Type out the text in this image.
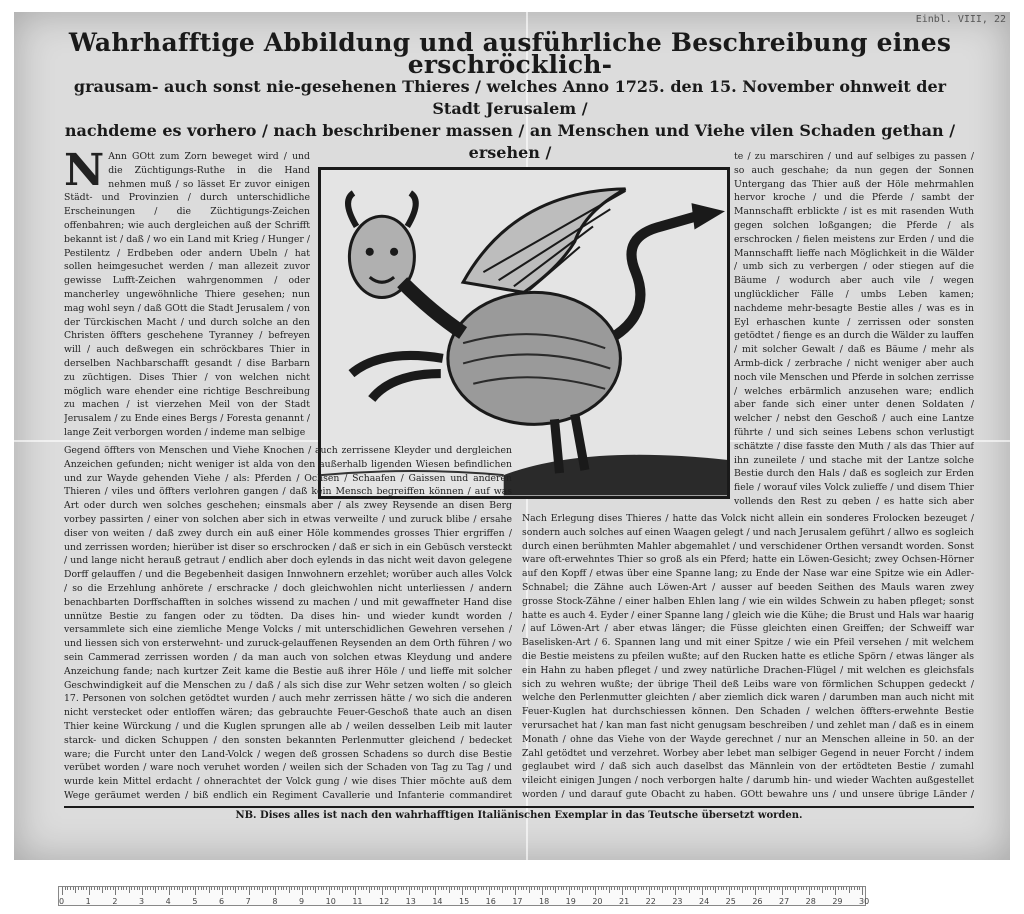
Einbl. VIII, 22
Wahrhafftige Abbildung und ausführliche Beschreibung eines erschröcklich-
grausam- auch sonst nie-gesehenen Thieres / welches Anno 1725. den 15. November ohnweit der Stadt Jerusalem /
nachdeme es vorhero / nach beschribener massen / an Menschen und Viehe vilen Schaden gethan / ersehen /
N Ann GOtt zum Zorn beweget wird / und die Züchtigungs-Ruthe in die Hand nehmen muß / so lässet Er zuvor einigen Städt- und Provinzien / durch unterschidliche Erscheinungen / die Züchtigungs-Zeichen offenbahren; wie auch dergleichen auß der Schrifft bekannt ist / daß / wo ein Land mit Krieg / Hunger / Pestilentz / Erdbeben oder andern Ubeln / hat sollen heimgesuchet werden / man allezeit zuvor gewisse Lufft-Zeichen wahrgenommen / oder mancherley ungewöhnliche Thiere gesehen; nun mag wohl seyn / daß GOtt die Stadt Jerusalem / von der Türckischen Macht / und durch solche an den Christen öffters geschehene Tyranney / befreyen will / auch deßwegen ein schröckbares Thier in derselben Nachbarschafft gesandt / dise Barbarn zu züchtigen. Dises Thier / von welchen nicht möglich ware ehender eine richtige Beschreibung zu machen / ist vierzehen Meil von der Stadt Jerusalem / zu Ende eines Bergs / Foresta genannt / lange Zeit verborgen worden / indeme man selbige
te / zu marschiren / und auf selbiges zu passen / so auch geschahe; da nun gegen der Sonnen Untergang das Thier auß der Höle mehrmahlen hervor kroche / und die Pferde / sambt der Mannschafft erblickte / ist es mit rasenden Wuth gegen solchen loßgangen; die Pferde / als erschrocken / fielen meistens zur Erden / und die Mannschafft lieffe nach Möglichkeit in die Wälder / umb sich zu verbergen / oder stiegen auf die Bäume / wodurch aber auch vile / wegen unglücklicher Fälle / umbs Leben kamen; nachdeme mehr-besagte Bestie alles / was es in Eyl erhaschen kunte / zerrissen oder sonsten getödtet / fienge es an durch die Wälder zu lauffen / mit solcher Gewalt / daß es Bäume / mehr als Armb-dick / zerbrache / nicht weniger aber auch noch vile Menschen und Pferde in solchen zerrisse / welches erbärmlich anzusehen ware; endlich aber fande sich einer unter denen Soldaten / welcher / nebst den Geschoß / auch eine Lantze führte / und sich seines Lebens schon verlustigt schätzte / dise fasste den Muth / als das Thier auf ihn zuneilete / und stache mit der Lantze solche Bestie durch den Hals / daß es sogleich zur Erden fiele / worauf viles Volck zulieffe / und disem Thier vollends den Rest zu geben / es hatte sich aber
Gegend öffters von Menschen und Viehe Knochen / auch zerrissene Kleyder und dergleichen Anzeichen gefunden; nicht weniger ist alda von den außerhalb ligenden Wiesen befindlichen und zur Wayde gehenden Viehe / als: Pferden / Ochsen / Schaafen / Gaissen und anderen Thieren / viles und öffters verlohren gangen / daß kein Mensch begreiffen können / auf was Art oder durch wen solches geschehen; einsmals aber / als zwey Reysende an disen Berg vorbey passirten / einer von solchen aber sich in etwas verweilte / und zuruck blibe / ersahe diser von weiten / daß zwey durch ein auß einer Höle kommendes grosses Thier ergriffen / und zerrissen worden; hierüber ist diser so erschrocken / daß er sich in ein Gebüsch versteckt / und lange nicht herauß getraut / endlich aber doch eylends in das nicht weit davon gelegene Dorff gelauffen / und die Begebenheit dasigen Innwohnern erzehlet; worüber auch alles Volck / so die Erzehlung anhörete / erschracke / doch gleichwohlen nicht unterliessen / andern benachbarten Dorffschafften in solches wissend zu machen / und mit gewaffneter Hand dise unnütze Bestie zu fangen oder zu tödten. Da dises hin- und wieder kundt worden / versammlete sich eine ziemliche Menge Volcks / mit unterschidlichen Gewehren versehen / und liessen sich von ersterwehnt- und zuruck-gelauffenen Reysenden an dem Orth führen / wo sein Cammerad zerrissen worden / da man auch von solchen etwas Kleydung und andere Anzeichung fande; nach kurtzer Zeit kame die Bestie auß ihrer Höle / und lieffe mit solcher Geschwindigkeit auf die Menschen zu / daß / als sich dise zur Wehr setzen wolten / so gleich 17. Personen von solchen getödtet wurden / auch mehr zerrissen hätte / wo sich die anderen nicht verstecket oder entloffen wären; das gebrauchte Feuer-Geschoß thate auch an disen Thier keine Würckung / und die Kuglen sprungen alle ab / weilen desselben Leib mit lauter starck- und dicken Schuppen / den sonsten bekannten Perlenmutter gleichend / bedecket ware; die Furcht unter den Land-Volck / wegen deß grossen Schadens so durch dise Bestie verübet worden / ware noch veruhet worden / weilen sich der Schaden von Tag zu Tag / und wurde kein Mittel erdacht / ohnerachtet der Volck gung / wie dises Thier möchte auß dem Wege geräumet werden / biß endlich ein Regiment Cavallerie und Infanterie commandiret
Nach Erlegung dises Thieres / hatte das Volck nicht allein ein sonderes Frolocken bezeuget / sondern auch solches auf einen Waagen gelegt / und nach Jerusalem geführt / allwo es sogleich durch einen berühmten Mahler abgemahlet / und verschidener Orthen versandt worden. Sonst ware oft-erwehntes Thier so groß als ein Pferd; hatte ein Löwen-Gesicht; zwey Ochsen-Hörner auf den Kopff / etwas über eine Spanne lang; zu Ende der Nase war eine Spitze wie ein Adler-Schnabel; die Zähne auch Löwen-Art / ausser auf beeden Seithen des Mauls waren zwey grosse Stock-Zähne / einer halben Ehlen lang / wie ein wildes Schwein zu haben pfleget; sonst hatte es auch 4. Eyder / einer Spanne lang / gleich wie die Kühe; die Brust und Hals war haarig / auf Löwen-Art / aber etwas länger; die Füsse gleichten einen Greiffen; der Schweiff war Baselisken-Art / 6. Spannen lang und mit einer Spitze / wie ein Pfeil versehen / mit welchem die Bestie meistens zu pfeilen wußte; auf den Rucken hatte es etliche Spörn / etwas länger als ein Hahn zu haben pfleget / und zwey natürliche Drachen-Flügel / mit welchen es gleichsfals sich zu wehren wußte; der übrige Theil deß Leibs ware von förmlichen Schuppen gedeckt / welche den Perlenmutter gleichten / aber ziemlich dick waren / darumben man auch nicht mit Feuer-Kuglen hat durchschiessen können. Den Schaden / welchen öffters-erwehnte Bestie verursachet hat / kan man fast nicht genugsam beschreiben / und zehlet man / daß es in einem Monath / ohne das Viehe von der Wayde gerechnet / nur an Menschen alleine in 50. an der Zahl getödtet und verzehret. Worbey aber lebet man selbiger Gegend in neuer Forcht / indem geglaubet wird / daß sich auch daselbst das Männlein von der ertödteten Bestie / zumahl vileicht einigen Jungen / noch verborgen halte / darumb hin- und wieder Wachten außgestellet worden / und darauf gute Obacht zu haben. GOtt bewahre uns / und unsere übrige Länder /
NB. Dises alles ist nach den wahrhafftigen Italiänischen Exemplar in das Teutsche übersetzt worden.
0	1	2	3	4	5	6	7	8	9	10 11 12 13 14 15 16 17 18 19 20 21 22 23 24 25 26 27 28 29 30
